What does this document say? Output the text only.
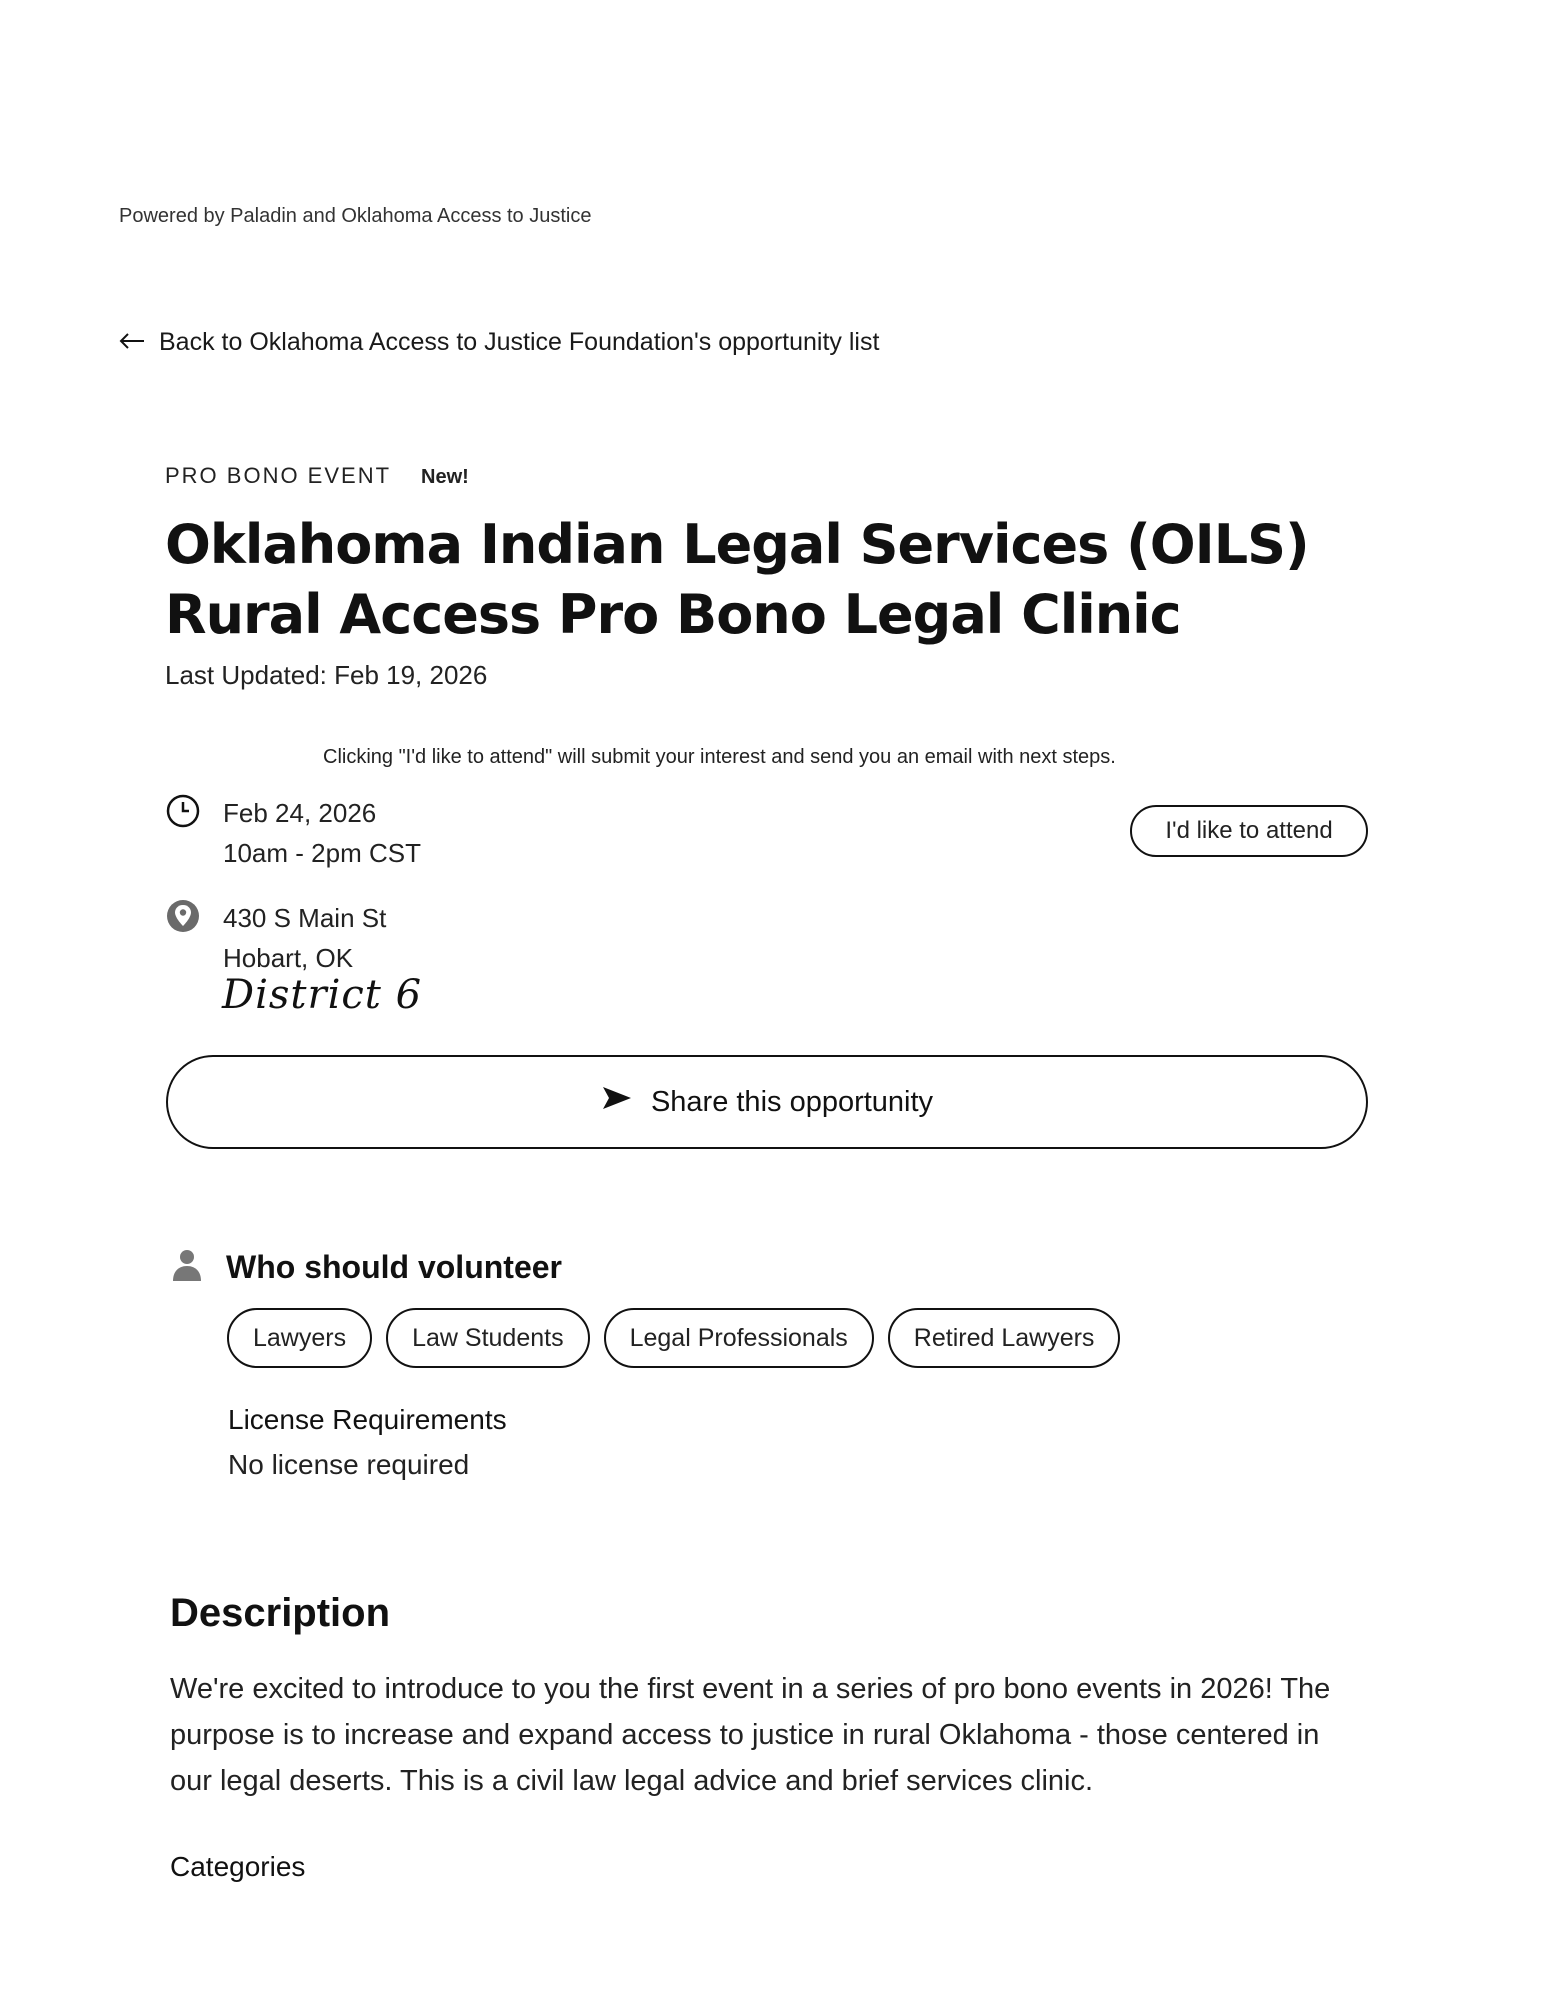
Powered by Paladin and Oklahoma Access to Justice
Back to Oklahoma Access to Justice Foundation's opportunity list
PRO BONO EVENT New!
Oklahoma Indian Legal Services (OILS) Rural Access Pro Bono Legal Clinic
Last Updated: Feb 19, 2026
Clicking "I'd like to attend" will submit your interest and send you an email with next steps.
Feb 24, 2026
10am - 2pm CST
430 S Main St
Hobart, OK
District 6
I'd like to attend
Share this opportunity
Who should volunteer
Lawyers	Law Students	Legal Professionals	Retired Lawyers
License Requirements
No license required
Description

We're excited to introduce to you the first event in a series of pro bono events in 2026! The purpose is to increase and expand access to justice in rural Oklahoma - those centered in our legal deserts. This is a civil law legal advice and brief services clinic.

Categories
